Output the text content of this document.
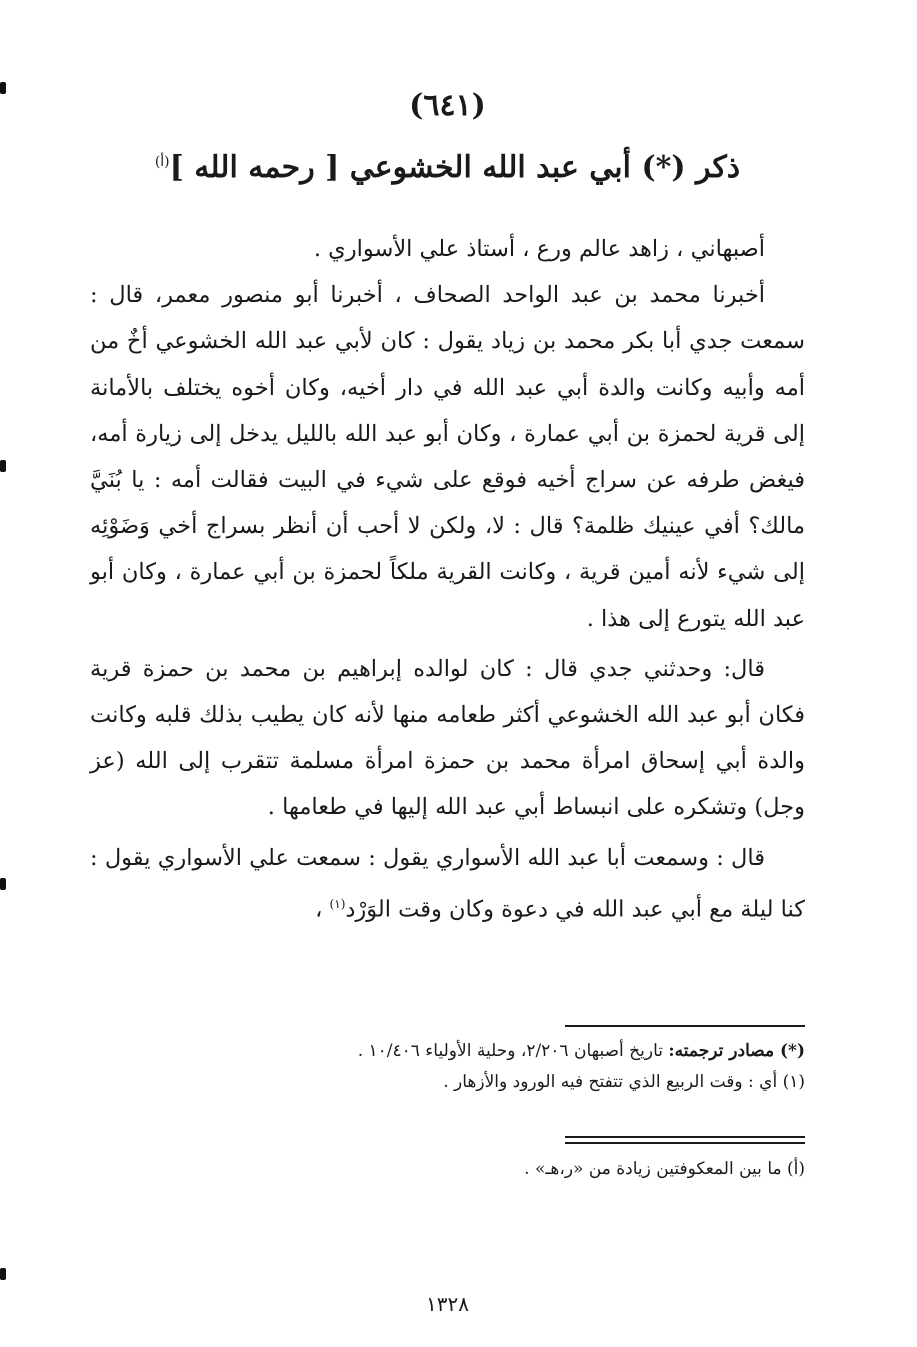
(٦٤١)
ذكر (*) أبي عبد الله الخشوعي [ رحمه الله ]$^{(أ)}$

أصبهاني ، زاهد عالم ورع ، أستاذ علي الأسواري .

أخبرنا محمد بن عبد الواحد الصحاف ، أخبرنا أبو منصور معمر، قال : سمعت جدي أبا بكر محمد بن زياد يقول : كان لأبي عبد الله الخشوعي أخٌ من أمه وأبيه وكانت والدة أبي عبد الله في دار أخيه، وكان أخوه يختلف بالأمانة إلى قرية لحمزة بن أبي عمارة ، وكان أبو عبد الله بالليل يدخل إلى زيارة أمه، فيغض طرفه عن سراج أخيه فوقع على شيء في البيت فقالت أمه : يا بُنَيَّ مالك؟ أفي عينيك ظلمة؟ قال : لا، ولكن لا أحب أن أنظر بسراج أخي وَضَوْئِه إلى شيء لأنه أمين قرية ، وكانت القرية ملكاً لحمزة بن أبي عمارة ، وكان أبو عبد الله يتورع إلى هذا .

قال: وحدثني جدي قال : كان لوالده إبراهيم بن محمد بن حمزة قرية فكان أبو عبد الله الخشوعي أكثر طعامه منها لأنه كان يطيب بذلك قلبه وكانت والدة أبي إسحاق امرأة محمد بن حمزة امرأة مسلمة تتقرب إلى الله (عز وجل) وتشكره على انبساط أبي عبد الله إليها في طعامها .

قال : وسمعت أبا عبد الله الأسواري يقول : سمعت علي الأسواري يقول : كنا ليلة مع أبي عبد الله في دعوة وكان وقت الوَرْد$^{(١)}$ ،

(*) مصادر ترجمته: تاريخ أصبهان ٢/٢٠٦، وحلية الأولياء ١٠/٤٠٦ .

(١) أي : وقت الربيع الذي تتفتح فيه الورود والأزهار .

(أ) ما بين المعكوفتين زيادة من «ر،هـ» .

١٣٢٨
